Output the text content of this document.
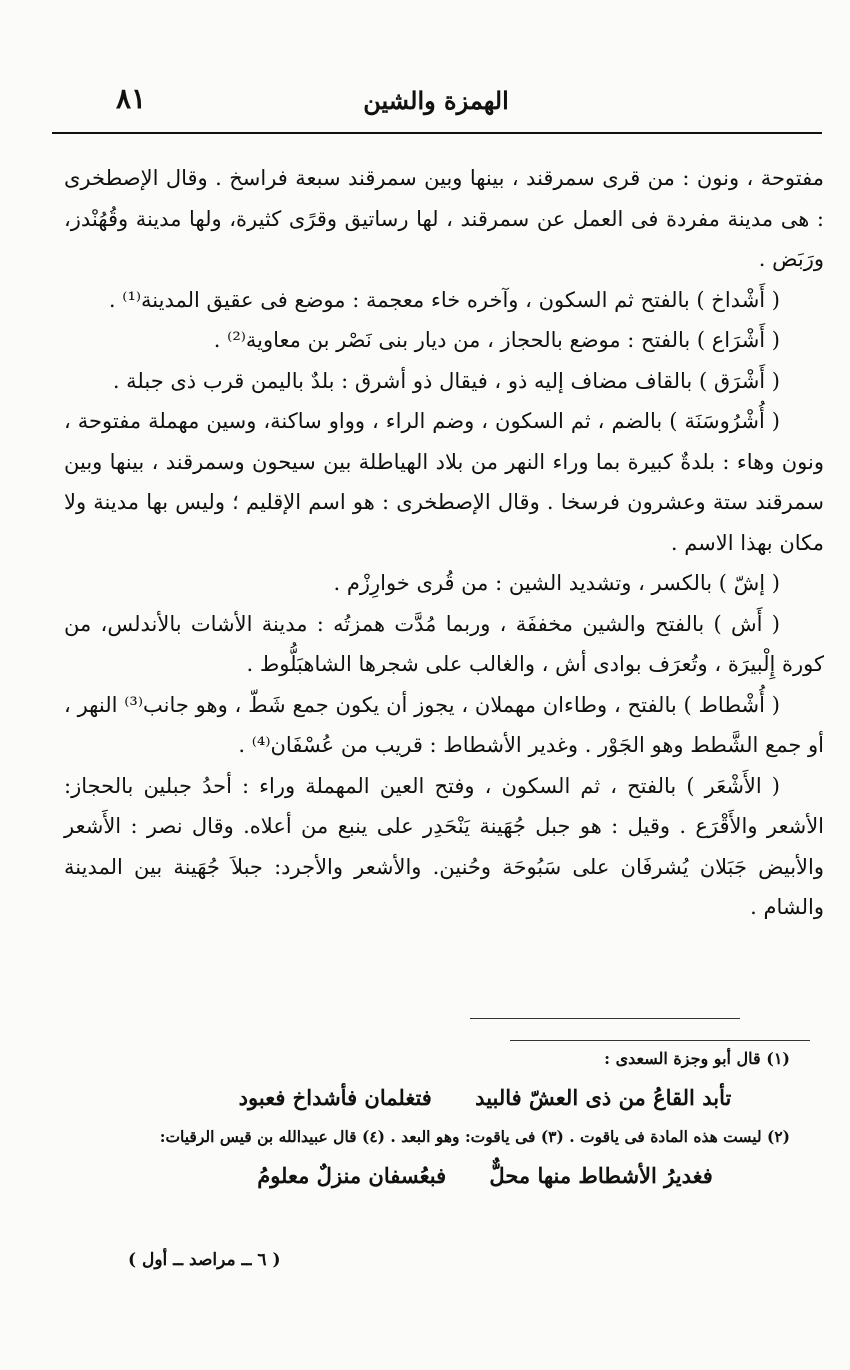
الهمزة والشين
٨١

مفتوحة ، ونون : من قرى سمرقند ، بينها وبين سمرقند سبعة فراسخ . وقال الإصطخرى : هى مدينة مفردة فى العمل عن سمرقند ، لها رساتيق وقرًى كثيرة، ولها مدينة وقُهُنْدز، ورَبَض .

( أَشْداخ ) بالفتح ثم السكون ، وآخره خاء معجمة : موضع فى عقيق المدينة⁽¹⁾ .

( أَشْرَاع ) بالفتح : موضع بالحجاز ، من ديار بنى نَصْر بن معاوية⁽²⁾ .

( أَشْرَق ) بالقاف مضاف إليه ذو ، فيقال ذو أشرق : بلدٌ باليمن قرب ذى جبلة .

( أُشْرُوسَنَة ) بالضم ، ثم السكون ، وضم الراء ، وواو ساكنة، وسين مهملة مفتوحة ، ونون وهاء : بلدةٌ كبيرة بما وراء النهر من بلاد الهياطلة بين سيحون وسمرقند ، بينها وبين سمرقند ستة وعشرون فرسخا . وقال الإصطخرى : هو اسم الإقليم ؛ وليس بها مدينة ولا مكان بهذا الاسم .

( إشّ ) بالكسر ، وتشديد الشين : من قُرى خوارِزْم .

( أَش ) بالفتح والشين مخففَة ، وربما مُدَّت همزتُه : مدينة الأشات بالأندلس، من كورة إِلْبيرَة ، وتُعرَف بوادى أش ، والغالب على شجرها الشاهبَلُّوط .

( أُشْطاط ) بالفتح ، وطاءان مهملان ، يجوز أن يكون جمع شَطّ ، وهو جانب⁽³⁾ النهر ، أو جمع الشَّطط وهو الجَوْر . وغدير الأشطاط : قريب من عُسْفَان⁽⁴⁾ .

( الأَشْعَر ) بالفتح ، ثم السكون ، وفتح العين المهملة وراء : أحدُ جبلين بالحجاز: الأشعر والأَقْرَع . وقيل : هو جبل جُهَينة يَنْحَدِر على ينبع من أعلاه. وقال نصر : الأَشعر والأبيض جَبَلان يُشرفَان على سَبُوحَة وحُنين. والأشعر والأجرد: جبلاَ جُهَينة بين المدينة والشام .

(١) قال أبو وجزة السعدى :

تأبد القاعُ من ذى العشّ فالبيد فتغلمان فأشداخ فعبود

(٢) ليست هذه المادة فى ياقوت . (٣) فى ياقوت: وهو البعد . (٤) قال عبيدالله بن قيس الرقيات:

فغديرُ الأشطاط منها محلٌّ فبعُسفان منزلٌ معلومُ
( ٦ ــ مراصد ــ أول )
